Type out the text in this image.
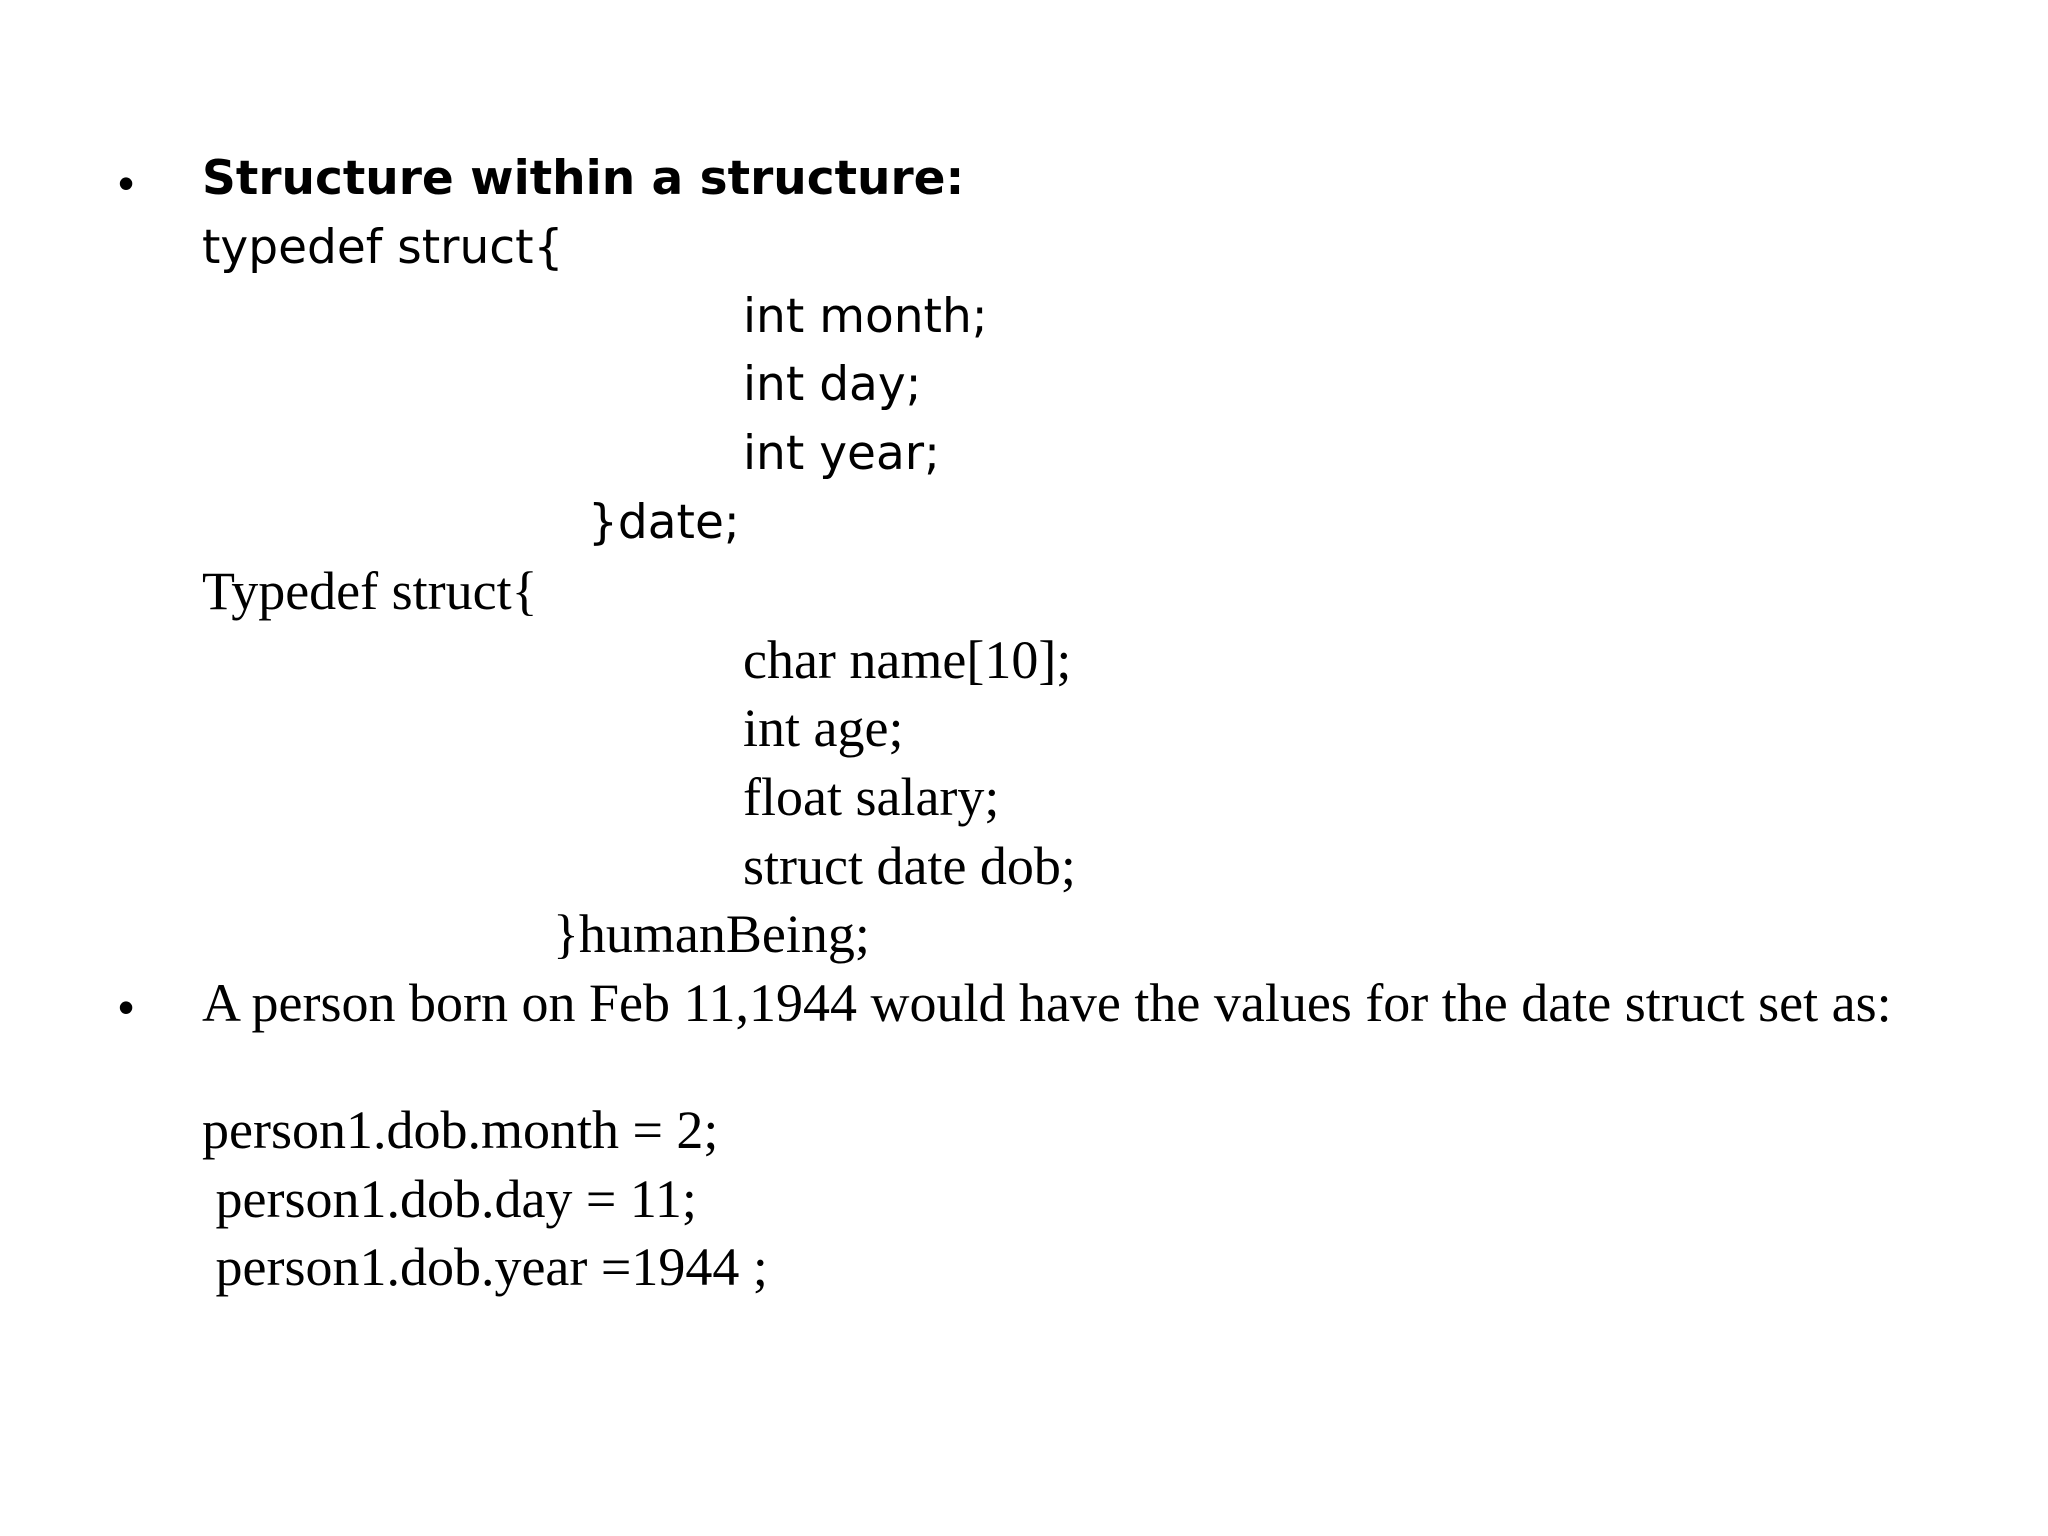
• Structure within a structure:
typedef struct{
int month;
int day;
int year;
}date;
Typedef struct{
char name[10];
int age;
float salary;
struct date dob;
}humanBeing;
• A person born on Feb 11,1944 would have the values for the date struct set as:
person1.dob.month = 2;
person1.dob.day = 11;
person1.dob.year =1944 ;
